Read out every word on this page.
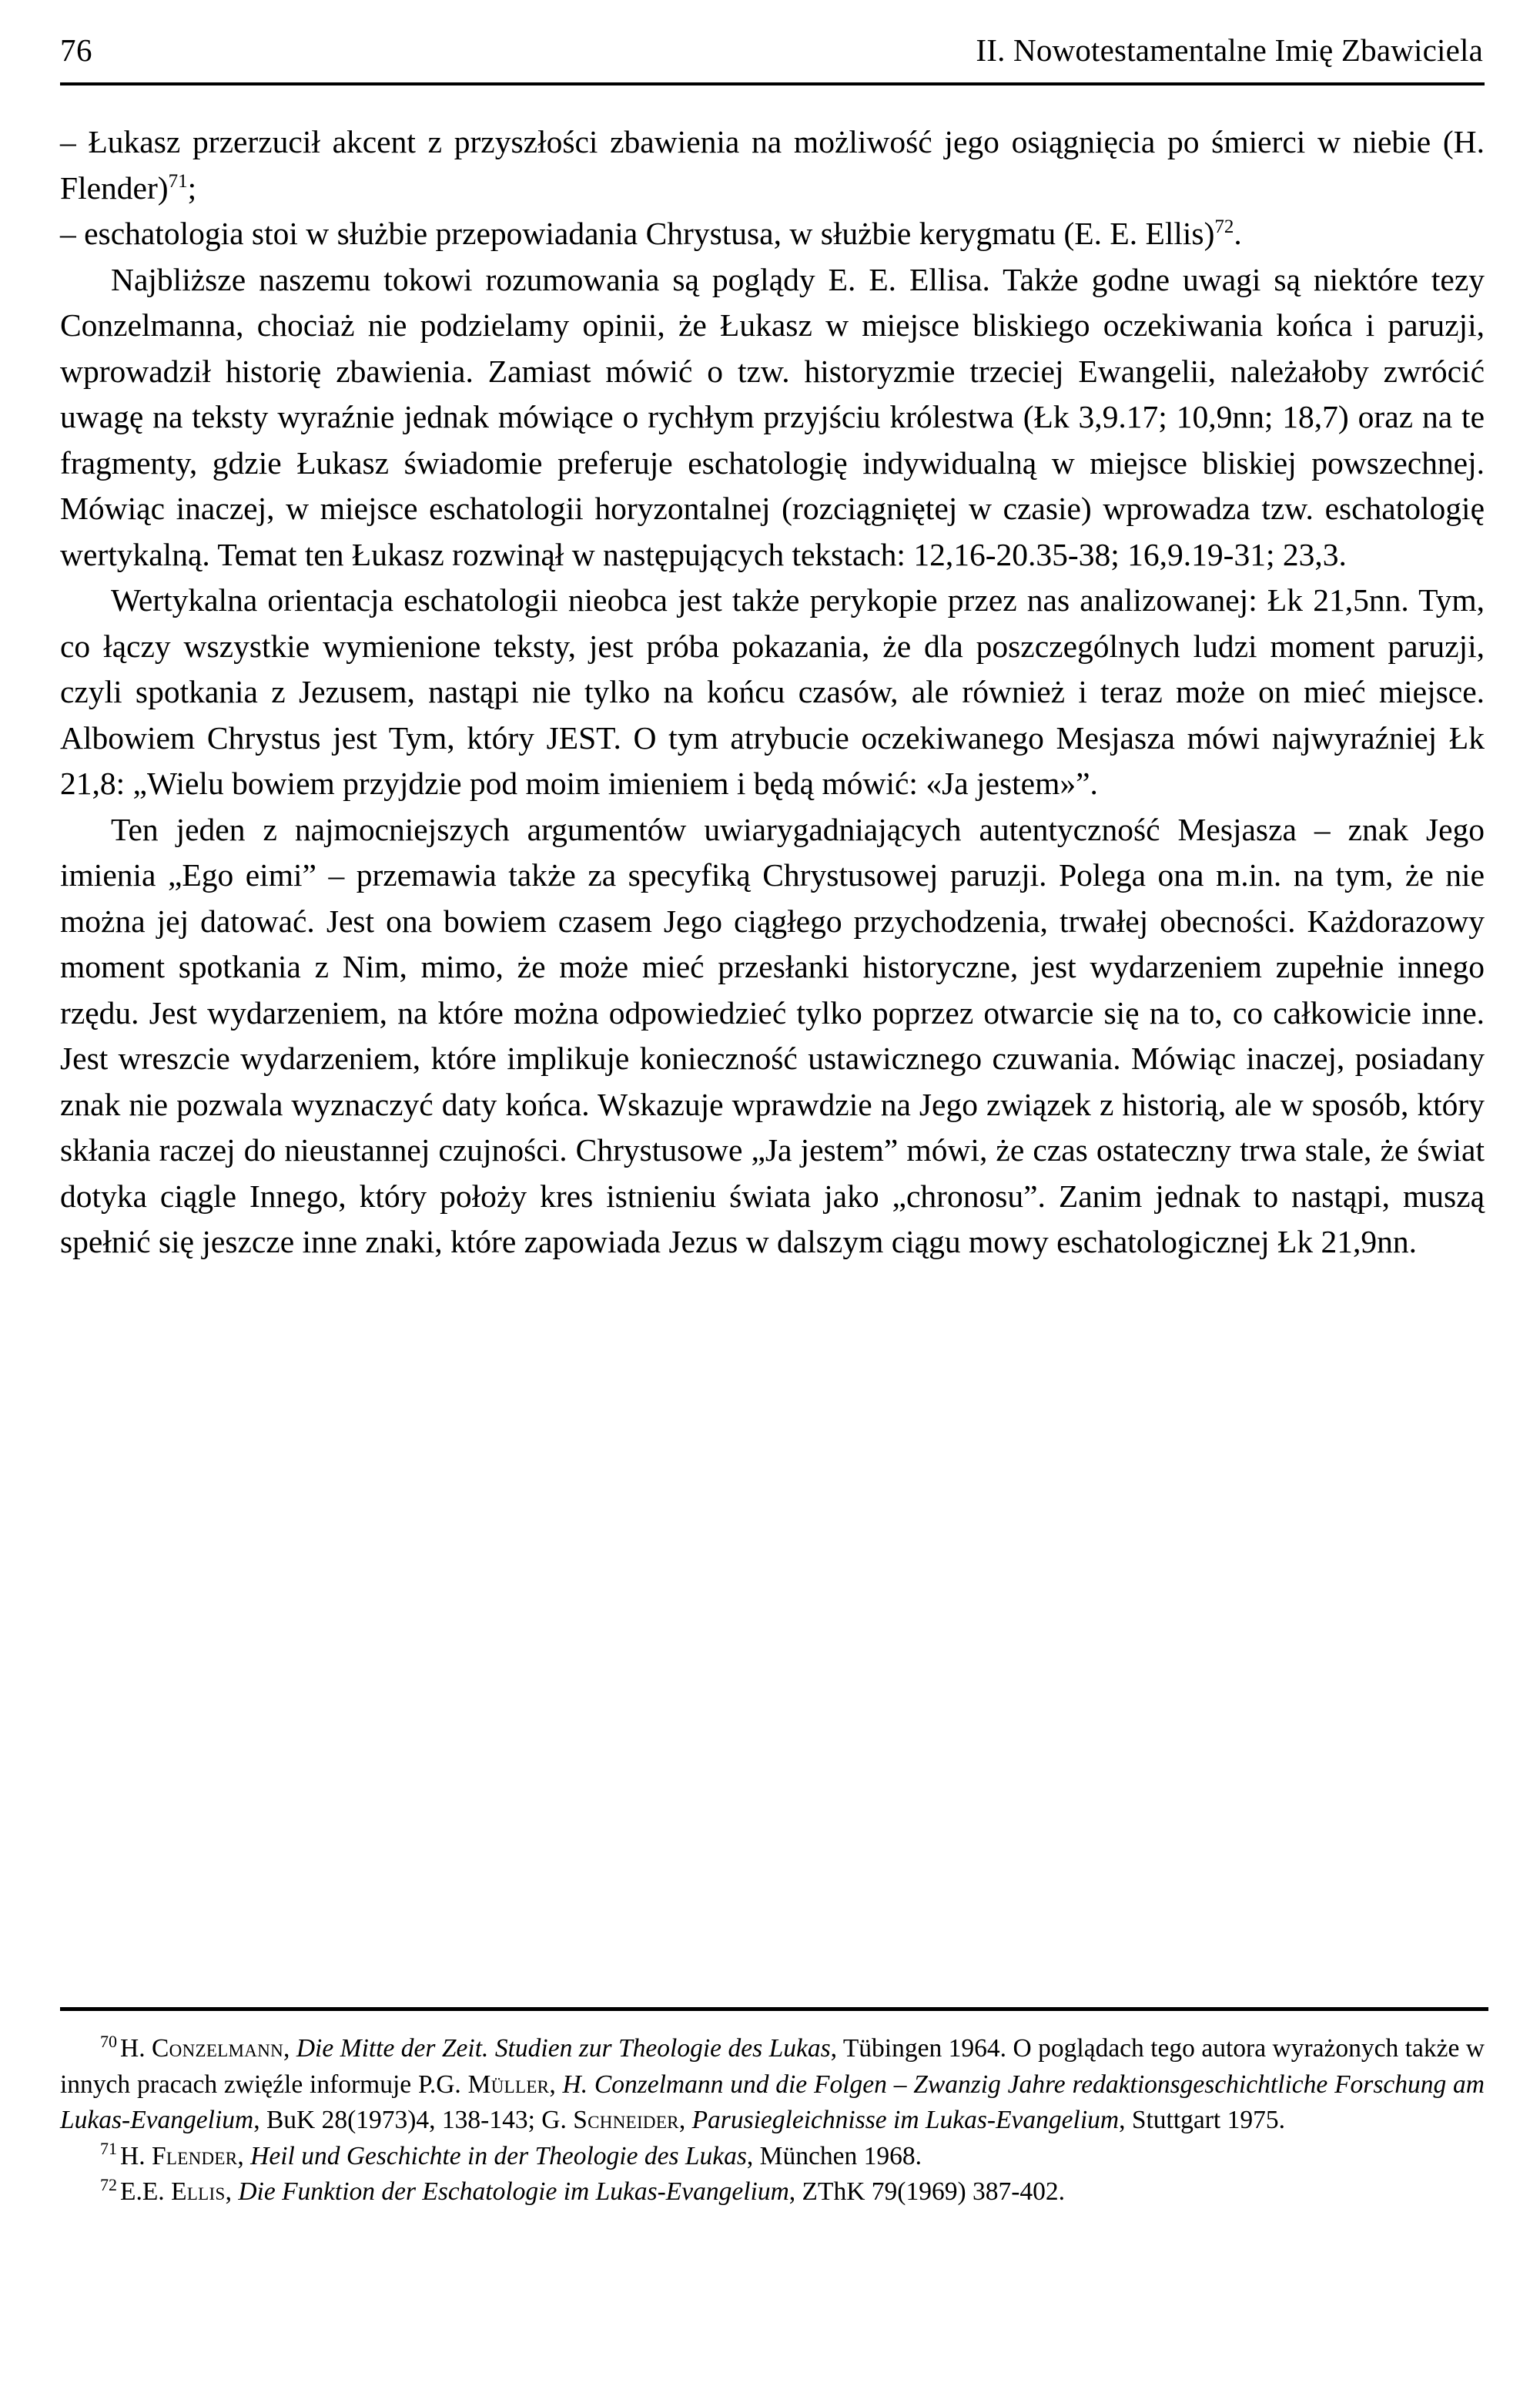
76	II. Nowotestamentalne Imię Zbawiciela

– Łukasz przerzucił akcent z przyszłości zbawienia na możliwość jego osiągnięcia po śmierci w niebie (H. Flender)$^{71}$;

– eschatologia stoi w służbie przepowiadania Chrystusa, w służbie kerygmatu (E. E. Ellis)$^{72}$.

Najbliższe naszemu tokowi rozumowania są poglądy E. E. Ellisa. Także godne uwagi są niektóre tezy Conzelmanna, chociaż nie podzielamy opinii, że Łukasz w miejsce bliskiego oczekiwania końca i paruzji, wprowadził historię zbawienia. Zamiast mówić o tzw. historyzmie trzeciej Ewangelii, należałoby zwrócić uwagę na teksty wyraźnie jednak mówiące o rychłym przyjściu królestwa (Łk 3,9.17; 10,9nn; 18,7) oraz na te fragmenty, gdzie Łukasz świadomie preferuje eschatologię indywidualną w miejsce bliskiej powszechnej. Mówiąc inaczej, w miejsce eschatologii horyzontalnej (rozciągniętej w czasie) wprowadza tzw. eschatologię wertykalną. Temat ten Łukasz rozwinął w następujących tekstach: 12,16-20.35-38; 16,9.19-31; 23,3.

Wertykalna orientacja eschatologii nieobca jest także perykopie przez nas analizowanej: Łk 21,5nn. Tym, co łączy wszystkie wymienione teksty, jest próba pokazania, że dla poszczególnych ludzi moment paruzji, czyli spotkania z Jezusem, nastąpi nie tylko na końcu czasów, ale również i teraz może on mieć miejsce. Albowiem Chrystus jest Tym, który JEST. O tym atrybucie oczekiwanego Mesjasza mówi najwyraźniej Łk 21,8: „Wielu bowiem przyjdzie pod moim imieniem i będą mówić: «Ja jestem»”.

Ten jeden z najmocniejszych argumentów uwiarygadniających autentyczność Mesjasza – znak Jego imienia „Ego eimi” – przemawia także za specyfiką Chrystusowej paruzji. Polega ona m.in. na tym, że nie można jej datować. Jest ona bowiem czasem Jego ciągłego przychodzenia, trwałej obecności. Każdorazowy moment spotkania z Nim, mimo, że może mieć przesłanki historyczne, jest wydarzeniem zupełnie innego rzędu. Jest wydarzeniem, na które można odpowiedzieć tylko poprzez otwarcie się na to, co całkowicie inne. Jest wreszcie wydarzeniem, które implikuje konieczność ustawicznego czuwania. Mówiąc inaczej, posiadany znak nie pozwala wyznaczyć daty końca. Wskazuje wprawdzie na Jego związek z historią, ale w sposób, który skłania raczej do nieustannej czujności. Chrystusowe „Ja jestem” mówi, że czas ostateczny trwa stale, że świat dotyka ciągle Innego, który położy kres istnieniu świata jako „chronosu”. Zanim jednak to nastąpi, muszą spełnić się jeszcze inne znaki, które zapowiada Jezus w dalszym ciągu mowy eschatologicznej Łk 21,9nn.

$^{70}$ H. Conzelmann, Die Mitte der Zeit. Studien zur Theologie des Lukas, Tübingen 1964. O poglądach tego autora wyrażonych także w innych pracach zwięźle informuje P.G. Müller, H. Conzelmann und die Folgen – Zwanzig Jahre redaktionsgeschichtliche Forschung am Lukas-Evangelium, BuK 28(1973)4, 138-143; G. Schneider, Parusiegleichnisse im Lukas-Evangelium, Stuttgart 1975.

$^{71}$ H. Flender, Heil und Geschichte in der Theologie des Lukas, München 1968.

$^{72}$ E.E. Ellis, Die Funktion der Eschatologie im Lukas-Evangelium, ZThK 79(1969) 387-402.
